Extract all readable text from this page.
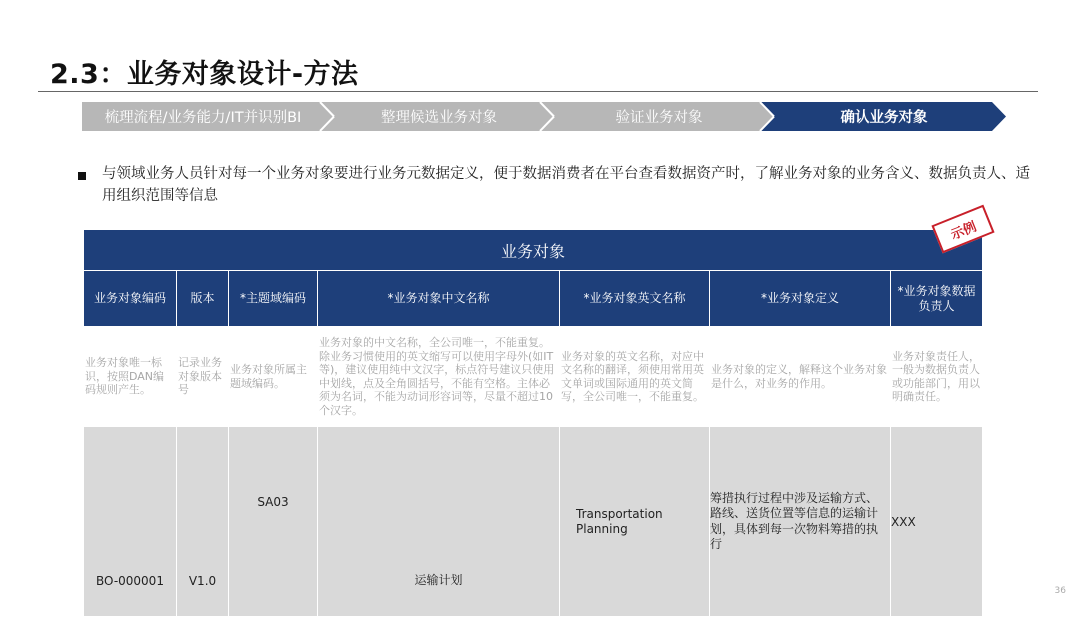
2.3：业务对象设计-方法
梳理流程/业务能力/IT并识别BI	整理候选业务对象	验证业务对象	确认业务对象
与领域业务人员针对每一个业务对象要进行业务元数据定义，便于数据消费者在平台查看数据资产时，了解业务对象的业务含义、数据负责人、适用组织范围等信息
业务对象						
业务对象编码	版本	*主题域编码	*业务对象中文名称	*业务对象英文名称	*业务对象定义	*业务对象数据负责人

业务对象唯一标识，按照DAN编码规则产生。	记录业务对象版本号	业务对象所属主题域编码。	业务对象的中文名称，全公司唯一，不能重复。除业务习惯使用的英文缩写可以使用字母外(如IT等)，建议使用纯中文汉字，标点符号建议只使用中划线，点及全角圆括号，不能有空格。主体必须为名词，不能为动词形容词等，尽量不超过10个汉字。	业务对象的英文名称，对应中文名称的翻译，须使用常用英文单词或国际通用的英文简写，全公司唯一，不能重复。	业务对象的定义，解释这个业务对象是什么，对业务的作用。	业务对象责任人，一般为数据负责人或功能部门，用以明确责任。

BO-000001	V1.0	SA03	运输计划	Transportation Planning	筹措执行过程中涉及运输方式、路线、送货位置等信息的运输计划，具体到每一次物料筹措的执行	XXX
示例
36
